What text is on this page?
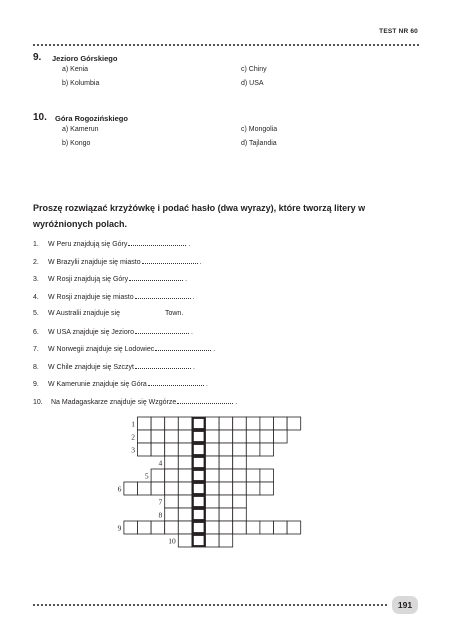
TEST NR 60
9. Jezioro Górskiego
a) Kenia
b) Kolumbia
c) Chiny
d) USA
10. Góra Rogozińskiego
a) Kamerun
b) Kongo
c) Mongolia
d) Tajlandia
Proszę rozwiązać krzyżówkę i podać hasło (dwa wyrazy), które tworzą litery w wyróżnionych polach.
1. W Peru znajdują się Góry	.
2. W Brazylii znajduje się miasto	.
3. W Rosji znajdują się Góry	.
4. W Rosji znajduje się miasto	.
5. W Australii znajduje się	Town.
6. W USA znajduje się Jezioro	.
7. W Norwegii znajduje się Lodowiec	.
8. W Chile znajduje się Szczyt	.
9. W Kamerunie znajduje się Góra	.
10. Na Madagaskarze znajduje się Wzgórze	.
1
2
3
4
5
6
7
8
9
10
191
